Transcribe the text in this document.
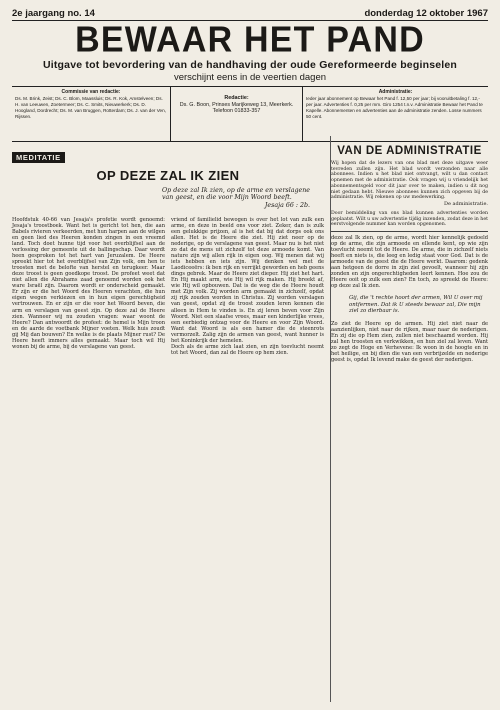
2e jaargang no. 14	donderdag 12 oktober 1967
BEWAAR HET PAND
Uitgave tot bevordering van de handhaving der oude Gereformeerde beginselen
verschijnt eens in de veertien dagen
Commissie van redactie:
Ds. M. Brink, Zeist; Ds. C. Blom, Maassluis; Ds. R. Kok, Amstelveen; Ds. H. van Leeuwen, Zoetermeer; Ds. C. Smits, Nieuwerkerk; Ds. D. Hoogland, Dordrecht; Ds. M. van Bruggen, Rotterdam; Ds. J. van der Ven, Rijssen.
Redactie:
Ds. G. Boon, Prinses Marijkeweg 13, Meerkerk. Telefoon 01833-357
Administratie:
Ieder jaar abonnement op Bewaar het Pand f. 12,50 per jaar; bij vooruitbetaling f. 12,- per jaar. Advertenties f. 0,25 per mm. Giro 1254 t.n.v. Administratie Bewaar het Pand te Kapelle. Abonnementen en advertenties aan de administratie zenden. Losse nummers 50 cent.
MEDITATIE
OP DEZE ZAL IK ZIEN
Op deze zal Ik zien, op de arme en verslagene van geest, en die voor Mijn Woord beeft.
Jesaja 66 : 2b.

Hoofdstuk 40-66 van Jesaja's profetie wordt genoemd: Jesaja's troostboek. Want het is gericht tot hen, die aan Babels rivieren verkeerden, met hun harpen aan de wilgen en geen lied des Heeren konden zingen in een vreemd land. Toch doet hunne tijd voor het overblijfsel aan de verlossing der gemeente uit de ballingschap. Daar wordt heen gesproken tot het hart van Jeruzalem. De Heere spreekt hier tot het overblijfsel van Zijn volk, om hen te troosten met de belofte van herstel en terugkeer. Maar deze troost is geen goedkope troost. De profeet weet dat niet allen die Abrahams zaad genoemd worden ook het ware Israël zijn. Daarom wordt er onderscheid gemaakt. Er zijn er die het Woord des Heeren verachten, die hun eigen wegen verkiezen en in hun eigen gerechtigheid vertrouwen. En er zijn er die voor het Woord beven, die arm en verslagen van geest zijn. Op deze zal de Heere zien. Wanneer wij nu zouden vragen: waar woont de Heere? Dan antwoordt de profeet: de hemel is Mijn troon en de aarde de voetbank Mijner voeten. Welk huis zoudt gij Mij dan bouwen? En welke is de plaats Mijner rust? De Heere heeft immers alles gemaakt. Maar toch wil Hij wonen bij de arme, bij de verslagene van geest.

vriend of familielid bewogen is over het lot van zulk een arme, en deze in beeld ons voor ziet. Zeker, dan is zulk een gelukkige prijzen, al is het dat bij dat dorps ook ons allen. Het is de Heere die ziet. Hij ziet neer op de nederige, op de verslagene van geest. Maar nu is het niet zo dat de mens uit zichzelf tot deze armoede komt. Van nature zijn wij allen rijk in eigen oog. Wij menen dat wij iets hebben en iets zijn. Wij denken wel met de Laodiceeërs: ik ben rijk en verrijkt geworden en heb geens dings gebrek. Maar de Heere ziet dieper. Hij ziet het hart. En Hij maakt arm, wie Hij wil rijk maken. Hij breekt af, wie Hij wil opbouwen. Dat is de weg die de Heere houdt met Zijn volk. Zij worden arm gemaakt in zichzelf, opdat zij rijk zouden worden in Christus. Zij worden verslagen van geest, opdat zij de troost zouden leren kennen die alleen in Hem te vinden is. En zij leren beven voor Zijn Woord. Niet een slaafse vrees, maar een kinderlijke vrees, een eerbiedig ontzag voor de Heere en voor Zijn Woord. Want dat Woord is als een hamer die de steenrots vermorzelt. Zalig zijn de armen van geest, want hunner is het Koninkrijk der hemelen.

Doch als de arme zich laat zien, en zijn toevlucht neemt tot het Woord, dan zal de Heere op hem zien.

VAN DE ADMINISTRATIE
Wij hopen dat de lezers van ons blad met deze uitgave weer tevreden zullen zijn. Het blad wordt verzonden naar alle abonnees. Indien u het blad niet ontvangt, wilt u dan contact opnemen met de administratie. Ook vragen wij u vriendelijk het abonnementsgeld voor dit jaar over te maken, indien u dit nog niet gedaan hebt. Nieuwe abonnees kunnen zich opgeven bij de administratie. Wij rekenen op uw medewerking.
De administratie.
Door bemiddeling van ons blad kunnen advertenties worden geplaatst. Wilt u uw advertentie tijdig inzenden, zodat deze in het eerstvolgende nummer kan worden opgenomen.
deze zal Ik zien, op de arme, wordt hier kennelijk gedoeld op de arme, die zijn armoede en ellende kent, op wie zijn toevlucht neemt tot de Heere. De arme, die in zichzelf niets heeft en niets is, die leeg en ledig staat voor God. Dat is de armoede van de geest die de Heere werkt. Daarom: gedenk aan hetgeen de dorre in zijn ziel gevoelt, wanneer hij zijn zonden en zijn ongerechtigheden leert kennen. Hoe zou de Heere ooit op zulk een zien? En toch, zo spreekt de Heere: op deze zal Ik zien.
Gij, die 't rechte hoort der armen, Wil U over mij ontfermen. Dat ik U steeds bewaar zal, Die mijn ziel zo dierbaar is.
Zo ziet de Heere op de armen. Hij ziet niet naar de aanzienlijken, niet naar de rijken, maar naar de nederigen. En zij die op Hem zien, zullen niet beschaamd worden. Hij zal hen troosten en verkwikken, en hun ziel zal leven. Want zo zegt de Hoge en Verhevene: Ik woon in de hoogte en in het heilige, en bij dien die van een verbrijzelde en nederige geest is, opdat Ik levend make de geest der nederigen.
